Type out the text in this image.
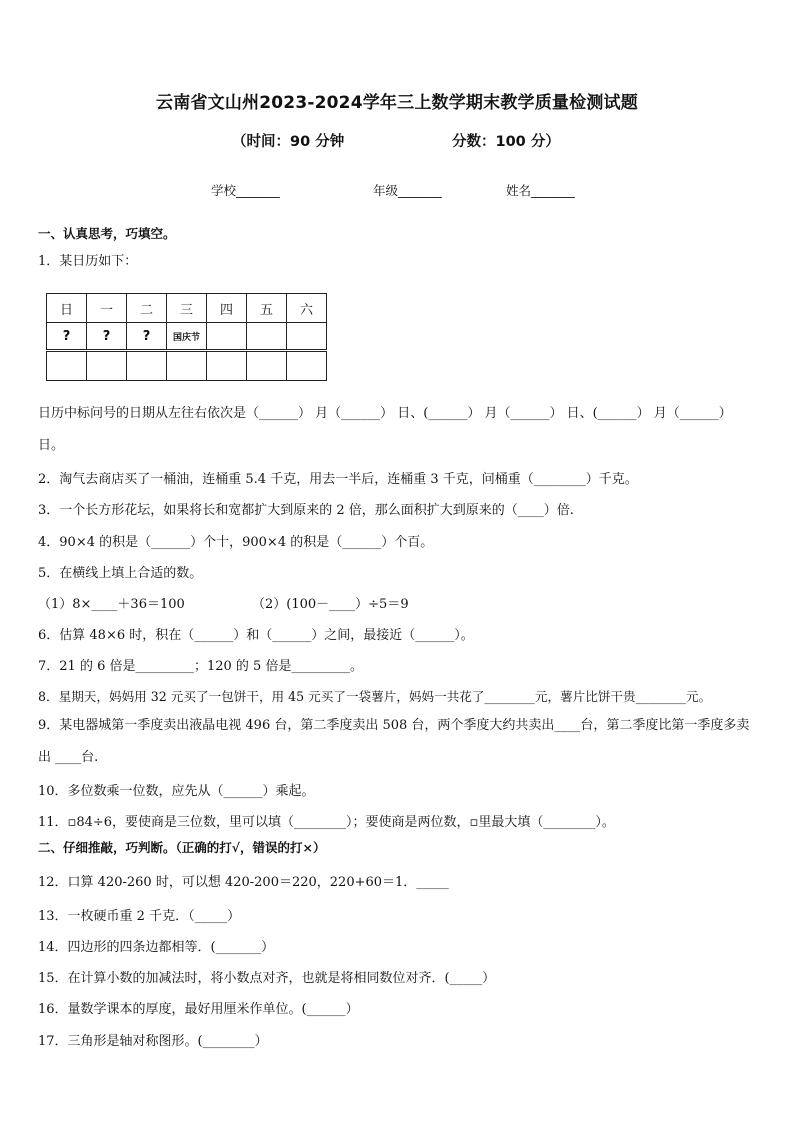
云南省文山州2023-2024学年三上数学期末教学质量检测试题
（时间：90 分钟	分数：100 分）
学校_______	年级_______	姓名_______
一、认真思考，巧填空。
1．某日历如下：
日	一	二	三	四	五	六
?	?	?	国庆节			

日历中标问号的日期从左往右依次是（______） 月（______） 日、(______） 月（______） 日、(______） 月（______） 日。
2．淘气去商店买了一桶油，连桶重 5.4 千克，用去一半后，连桶重 3 千克，问桶重（________）千克。
3．一个长方形花坛，如果将长和宽都扩大到原来的 2 倍，那么面积扩大到原来的（____）倍.
4．90×4 的积是（______）个十，900×4 的积是（______）个百。
5．在横线上填上合适的数。
（1）8×____＋36＝100	（2）(100－____）÷5＝9
6．估算 48×6 时，积在（______）和（______）之间，最接近（______）。
7．21 的 6 倍是_________；120 的 5 倍是_________。
8．星期天，妈妈用 32 元买了一包饼干，用 45 元买了一袋薯片，妈妈一共花了________元，薯片比饼干贵________元。
9．某电器城第一季度卖出液晶电视 496 台，第二季度卖出 508 台，两个季度大约共卖出____台，第二季度比第一季度多卖出 ____台.
10．多位数乘一位数，应先从（______）乘起。
11．▫84÷6，要使商是三位数，里可以填（________）；要使商是两位数，▫里最大填（________）。
二、仔细推敲，巧判断。（正确的打√，错误的打×）
12．口算 420-260 时，可以想 420-200＝220，220+60＝1．_____
13．一枚硬币重 2 千克．（_____）
14．四边形的四条边都相等．(_______）
15．在计算小数的加减法时，将小数点对齐，也就是将相同数位对齐．(_____）
16．量数学课本的厚度，最好用厘米作单位。(______）
17．三角形是轴对称图形。(________）
